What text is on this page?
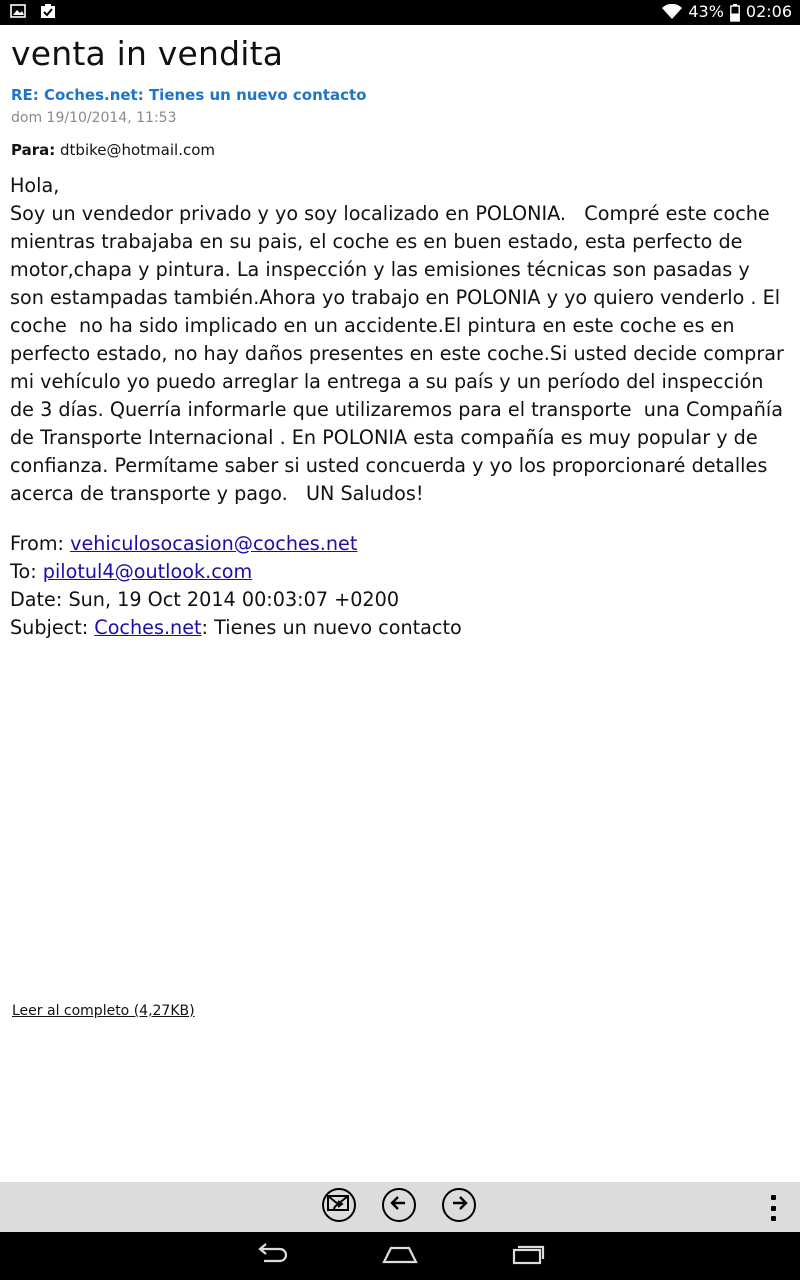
43% 02:06
venta in vendita
RE: Coches.net: Tienes un nuevo contacto
dom 19/10/2014, 11:53
Para: dtbike@hotmail.com

Hola,

Soy un vendedor privado y yo soy localizado en POLONIA.   Compré este coche mientras trabajaba en su pais, el coche es en buen estado, esta perfecto de motor,chapa y pintura. La inspección y las emisiones técnicas son pasadas y son estampadas también.Ahora yo trabajo en POLONIA y yo quiero venderlo . El coche  no ha sido implicado en un accidente.El pintura en este coche es en perfecto estado, no hay daños presentes en este coche.Si usted decide comprar mi vehículo yo puedo arreglar la entrega a su país y un período del inspección de 3 días. Querría informarle que utilizaremos para el transporte  una Compañía de Transporte Internacional . En POLONIA esta compañía es muy popular y de confianza. Permítame saber si usted concuerda y yo los proporcionaré detalles acerca de transporte y pago.   UN Saludos!

From: vehiculosocasion@coches.net
To: pilotul4@outlook.com
Date: Sun, 19 Oct 2014 00:03:07 +0200
Subject: Coches.net: Tienes un nuevo contacto
Leer al completo (4,27KB)
